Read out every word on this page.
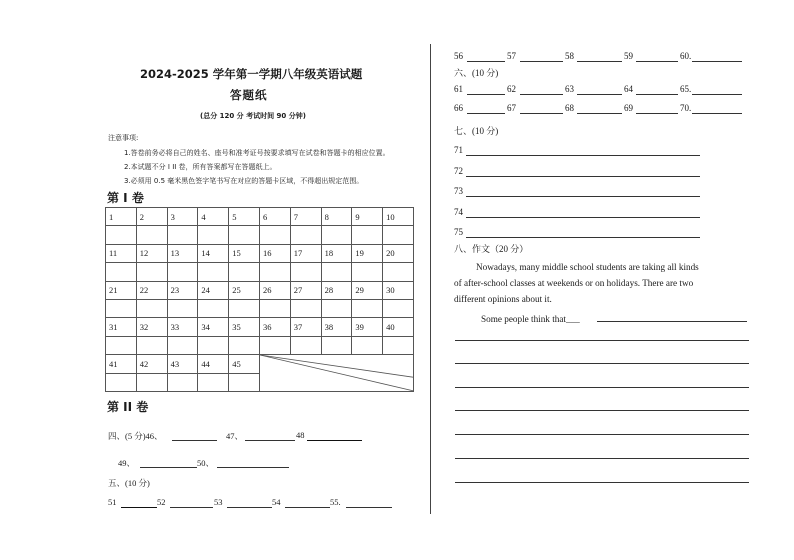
2024-2025 学年第一学期八年级英语试题
答题纸
(总分 120 分 考试时间 90 分钟)
注意事项:
1.答卷前务必将自己的姓名、座号和准考证号按要求填写在试卷和答题卡的相应位置。
2.本试题不分 I II 卷，所有答案都写在答题纸上。
3.必须用 0.5 毫米黑色签字笔书写在对应的答题卡区域，不得超出规定范围。
第 I 卷
1	2	3	4	5	6	7	8	9	10

11	12	13	14	15	16	17	18	19	20

21	22	23	24	25	26	27	28	29	30

31	32	33	34	35	36	37	38	39	40

41	42	43	44	45	

第 II 卷
四、(5 分)46、	47、	48
49、	50、
五、(10 分)
51	52	53	54	55.
56	57	58	59	60.
六、(10 分)
61	62	63	64	65.
66	67	68	69	70.
七、(10 分)
71
72
73
74
75
八、作文（20 分）
Nowadays, many middle school students are taking all kinds
of after-school classes at weekends or on holidays. There are two
different opinions about it.
Some people think that___
